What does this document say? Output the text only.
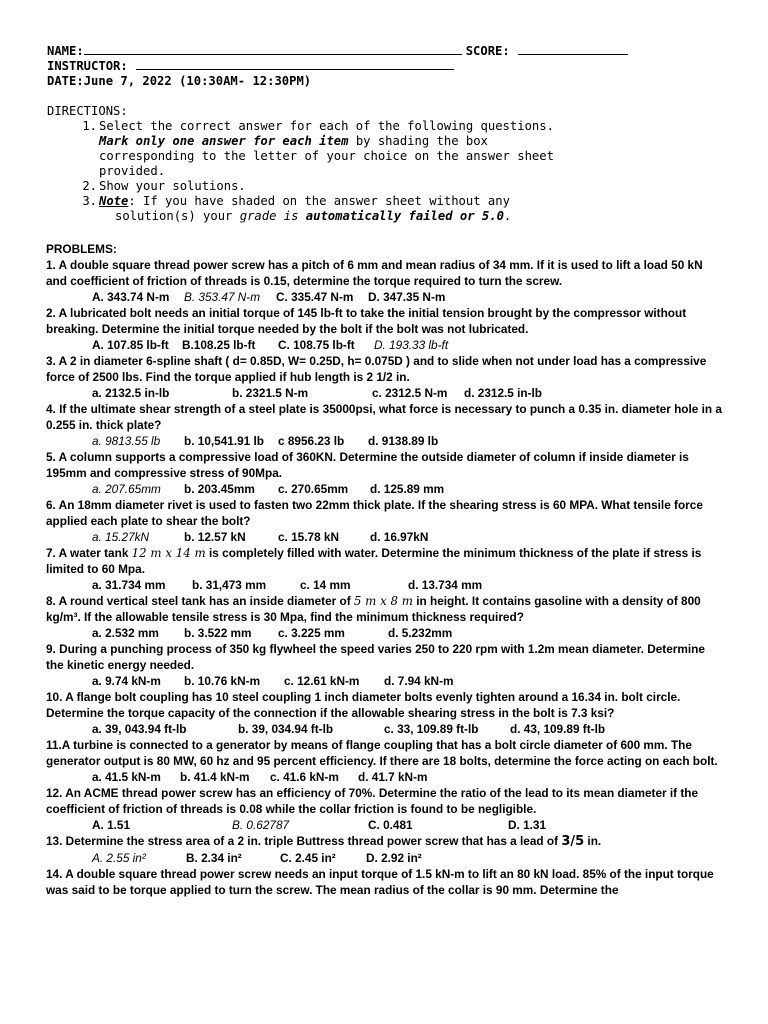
NAME:	SCORE:
INSTRUCTOR:
DATE:June 7, 2022 (10:30AM- 12:30PM)
DIRECTIONS:
1. Select the correct answer for each of the following questions.
Mark only one answer for each item by shading the box
corresponding to the letter of your choice on the answer sheet
provided.
2. Show your solutions.
3. Note: If you have shaded on the answer sheet without any
solution(s) your grade is automatically failed or 5.0.
PROBLEMS:

1. A double square thread power screw has a pitch of 6 mm and mean radius of 34 mm. If it is used to lift a load 50 kN and coefficient of friction of threads is 0.15, determine the torque required to turn the screw.

A. 343.74 N-m	B. 353.47 N-m	C. 335.47 N-m	D. 347.35 N-m

2. A lubricated bolt needs an initial torque of 145 lb-ft to take the initial tension brought by the compressor without breaking. Determine the initial torque needed by the bolt if the bolt was not lubricated.

A. 107.85 lb-ft	B.108.25 lb-ft	C. 108.75 lb-ft	D. 193.33 lb-ft

3. A 2 in diameter 6-spline shaft ( d= 0.85D, W= 0.25D, h= 0.075D ) and to slide when not under load has a compressive force of 2500 lbs. Find the torque applied if hub length is 2 1/2 in.

a. 2132.5 in-lb	b. 2321.5 N-m	c. 2312.5 N-m	d. 2312.5 in-lb

4. If the ultimate shear strength of a steel plate is 35000psi, what force is necessary to punch a 0.35 in. diameter hole in a 0.255 in. thick plate?

a. 9813.55 lb	b. 10,541.91 lb	c 8956.23 lb	d. 9138.89 lb

5. A column supports a compressive load of 360KN. Determine the outside diameter of column if inside diameter is 195mm and compressive stress of 90Mpa.

a. 207.65mm	b. 203.45mm	c. 270.65mm	d. 125.89 mm

6. An 18mm diameter rivet is used to fasten two 22mm thick plate. If the shearing stress is 60 MPA. What tensile force applied each plate to shear the bolt?

a. 15.27kN	b. 12.57 kN	c. 15.78 kN	d. 16.97kN

7. A water tank 12 m x 14 m is completely filled with water. Determine the minimum thickness of the plate if stress is limited to 60 Mpa.

a. 31.734 mm	b. 31,473 mm	c. 14 mm	d. 13.734 mm

8. A round vertical steel tank has an inside diameter of 5 m x 8 m in height. It contains gasoline with a density of 800 kg/m³. If the allowable tensile stress is 30 Mpa, find the minimum thickness required?

a. 2.532 mm	b. 3.522 mm	c. 3.225 mm	d. 5.232mm

9. During a punching process of 350 kg flywheel the speed varies 250 to 220 rpm with 1.2m mean diameter. Determine the kinetic energy needed.

a. 9.74 kN-m	b. 10.76 kN-m	c. 12.61 kN-m	d. 7.94 kN-m

10. A flange bolt coupling has 10 steel coupling 1 inch diameter bolts evenly tighten around a 16.34 in. bolt circle. Determine the torque capacity of the connection if the allowable shearing stress in the bolt is 7.3 ksi?

a. 39, 043.94 ft-lb	b. 39, 034.94 ft-lb	c. 33, 109.89 ft-lb	d. 43, 109.89 ft-lb

11.A turbine is connected to a generator by means of flange coupling that has a bolt circle diameter of 600 mm. The generator output is 80 MW, 60 hz and 95 percent efficiency. If there are 18 bolts, determine the force acting on each bolt.

a. 41.5 kN-m	b. 41.4 kN-m	c. 41.6 kN-m	d. 41.7 kN-m

12. An ACME thread power screw has an efficiency of 70%. Determine the ratio of the lead to its mean diameter if the coefficient of friction of threads is 0.08 while the collar friction is found to be negligible.

A. 1.51	B. 0.62787	C. 0.481	D. 1.31

13. Determine the stress area of a 2 in. triple Buttress thread power screw that has a lead of 3/5 in.

A. 2.55 in²	B. 2.34 in²	C. 2.45 in²	D. 2.92 in²

14. A double square thread power screw needs an input torque of 1.5 kN-m to lift an 80 kN load. 85% of the input torque was said to be torque applied to turn the screw. The mean radius of the collar is 90 mm. Determine the
